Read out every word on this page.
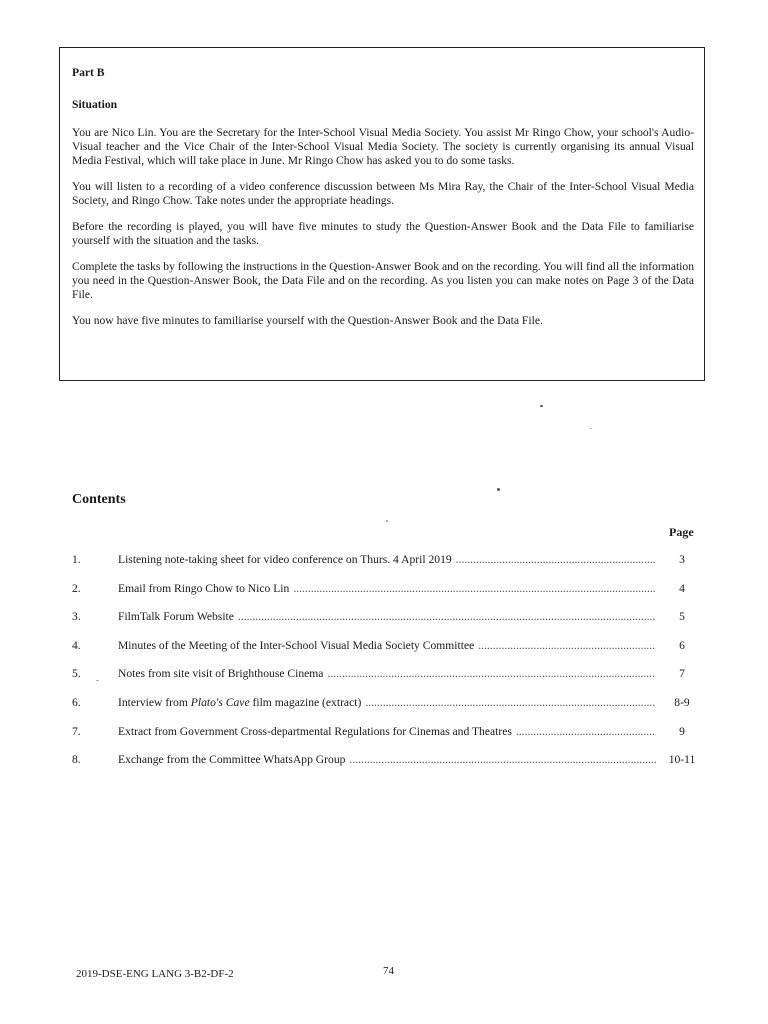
Part B
Situation

You are Nico Lin. You are the Secretary for the Inter-School Visual Media Society. You assist Mr Ringo Chow, your school's Audio-Visual teacher and the Vice Chair of the Inter-School Visual Media Society. The society is currently organising its annual Visual Media Festival, which will take place in June. Mr Ringo Chow has asked you to do some tasks.

You will listen to a recording of a video conference discussion between Ms Mira Ray, the Chair of the Inter-School Visual Media Society, and Ringo Chow. Take notes under the appropriate headings.

Before the recording is played, you will have five minutes to study the Question-Answer Book and the Data File to familiarise yourself with the situation and the tasks.

Complete the tasks by following the instructions in the Question-Answer Book and on the recording. You will find all the information you need in the Question-Answer Book, the Data File and on the recording. As you listen you can make notes on Page 3 of the Data File.

You now have five minutes to familiarise yourself with the Question-Answer Book and the Data File.

Contents
Page
1.	Listening note-taking sheet for video conference on Thurs. 4 April 2019 .....	3
2.	Email from Ringo Chow to Nico Lin .....	4
3.	FilmTalk Forum Website .....	5
4.	Minutes of the Meeting of the Inter-School Visual Media Society Committee .....	6
5.	Notes from site visit of Brighthouse Cinema .....	7
6.	Interview from Plato's Cave film magazine (extract) .....	8-9
7.	Extract from Government Cross-departmental Regulations for Cinemas and Theatres .....	9
8.	Exchange from the Committee WhatsApp Group .....	10-11
2019-DSE-ENG LANG 3-B2-DF-2	74
